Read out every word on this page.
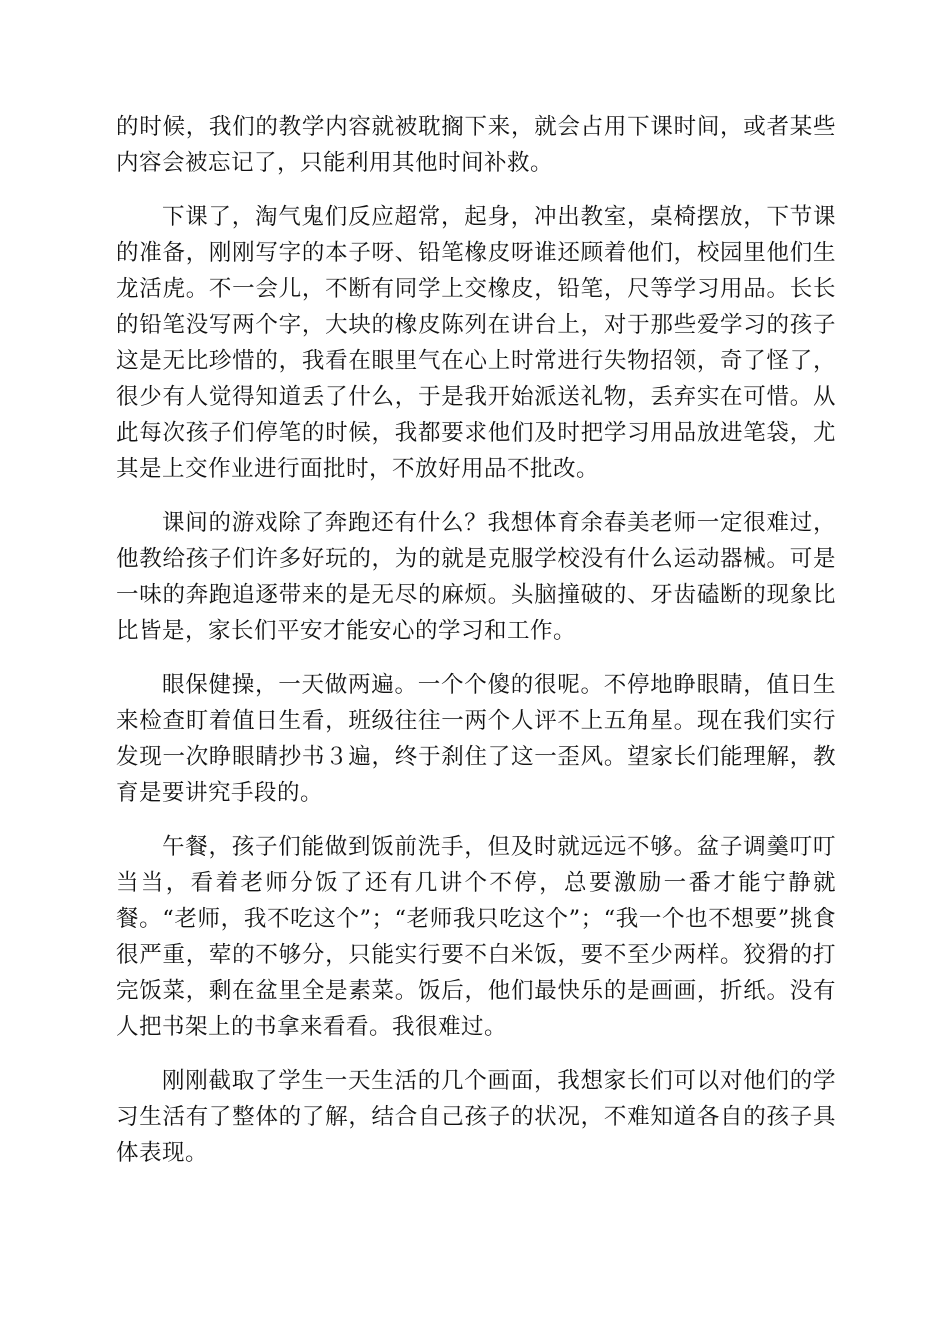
的时候，我们的教学内容就被耽搁下来，就会占用下课时间，或者某些内容会被忘记了，只能利用其他时间补救。

下课了，淘气鬼们反应超常，起身，冲出教室，桌椅摆放，下节课的准备，刚刚写字的本子呀、铅笔橡皮呀谁还顾着他们，校园里他们生龙活虎。不一会儿，不断有同学上交橡皮，铅笔，尺等学习用品。长长的铅笔没写两个字，大块的橡皮陈列在讲台上，对于那些爱学习的孩子这是无比珍惜的，我看在眼里气在心上时常进行失物招领，奇了怪了，很少有人觉得知道丢了什么，于是我开始派送礼物，丢弃实在可惜。从此每次孩子们停笔的时候，我都要求他们及时把学习用品放进笔袋，尤其是上交作业进行面批时，不放好用品不批改。

课间的游戏除了奔跑还有什么？我想体育余春美老师一定很难过，他教给孩子们许多好玩的，为的就是克服学校没有什么运动器械。可是一味的奔跑追逐带来的是无尽的麻烦。头脑撞破的、牙齿磕断的现象比比皆是，家长们平安才能安心的学习和工作。

眼保健操，一天做两遍。一个个傻的很呢。不停地睁眼睛，值日生来检查盯着值日生看，班级往往一两个人评不上五角星。现在我们实行发现一次睁眼睛抄书３遍，终于刹住了这一歪风。望家长们能理解，教育是要讲究手段的。

午餐，孩子们能做到饭前洗手，但及时就远远不够。盆子调羹叮叮当当，看着老师分饭了还有几讲个不停，总要激励一番才能宁静就餐。“老师，我不吃这个”；“老师我只吃这个”；“我一个也不想要”挑食很严重，荤的不够分，只能实行要不白米饭，要不至少两样。狡猾的打完饭菜，剩在盆里全是素菜。饭后，他们最快乐的是画画，折纸。没有人把书架上的书拿来看看。我很难过。

刚刚截取了学生一天生活的几个画面，我想家长们可以对他们的学习生活有了整体的了解，结合自己孩子的状况，不难知道各自的孩子具体表现。
